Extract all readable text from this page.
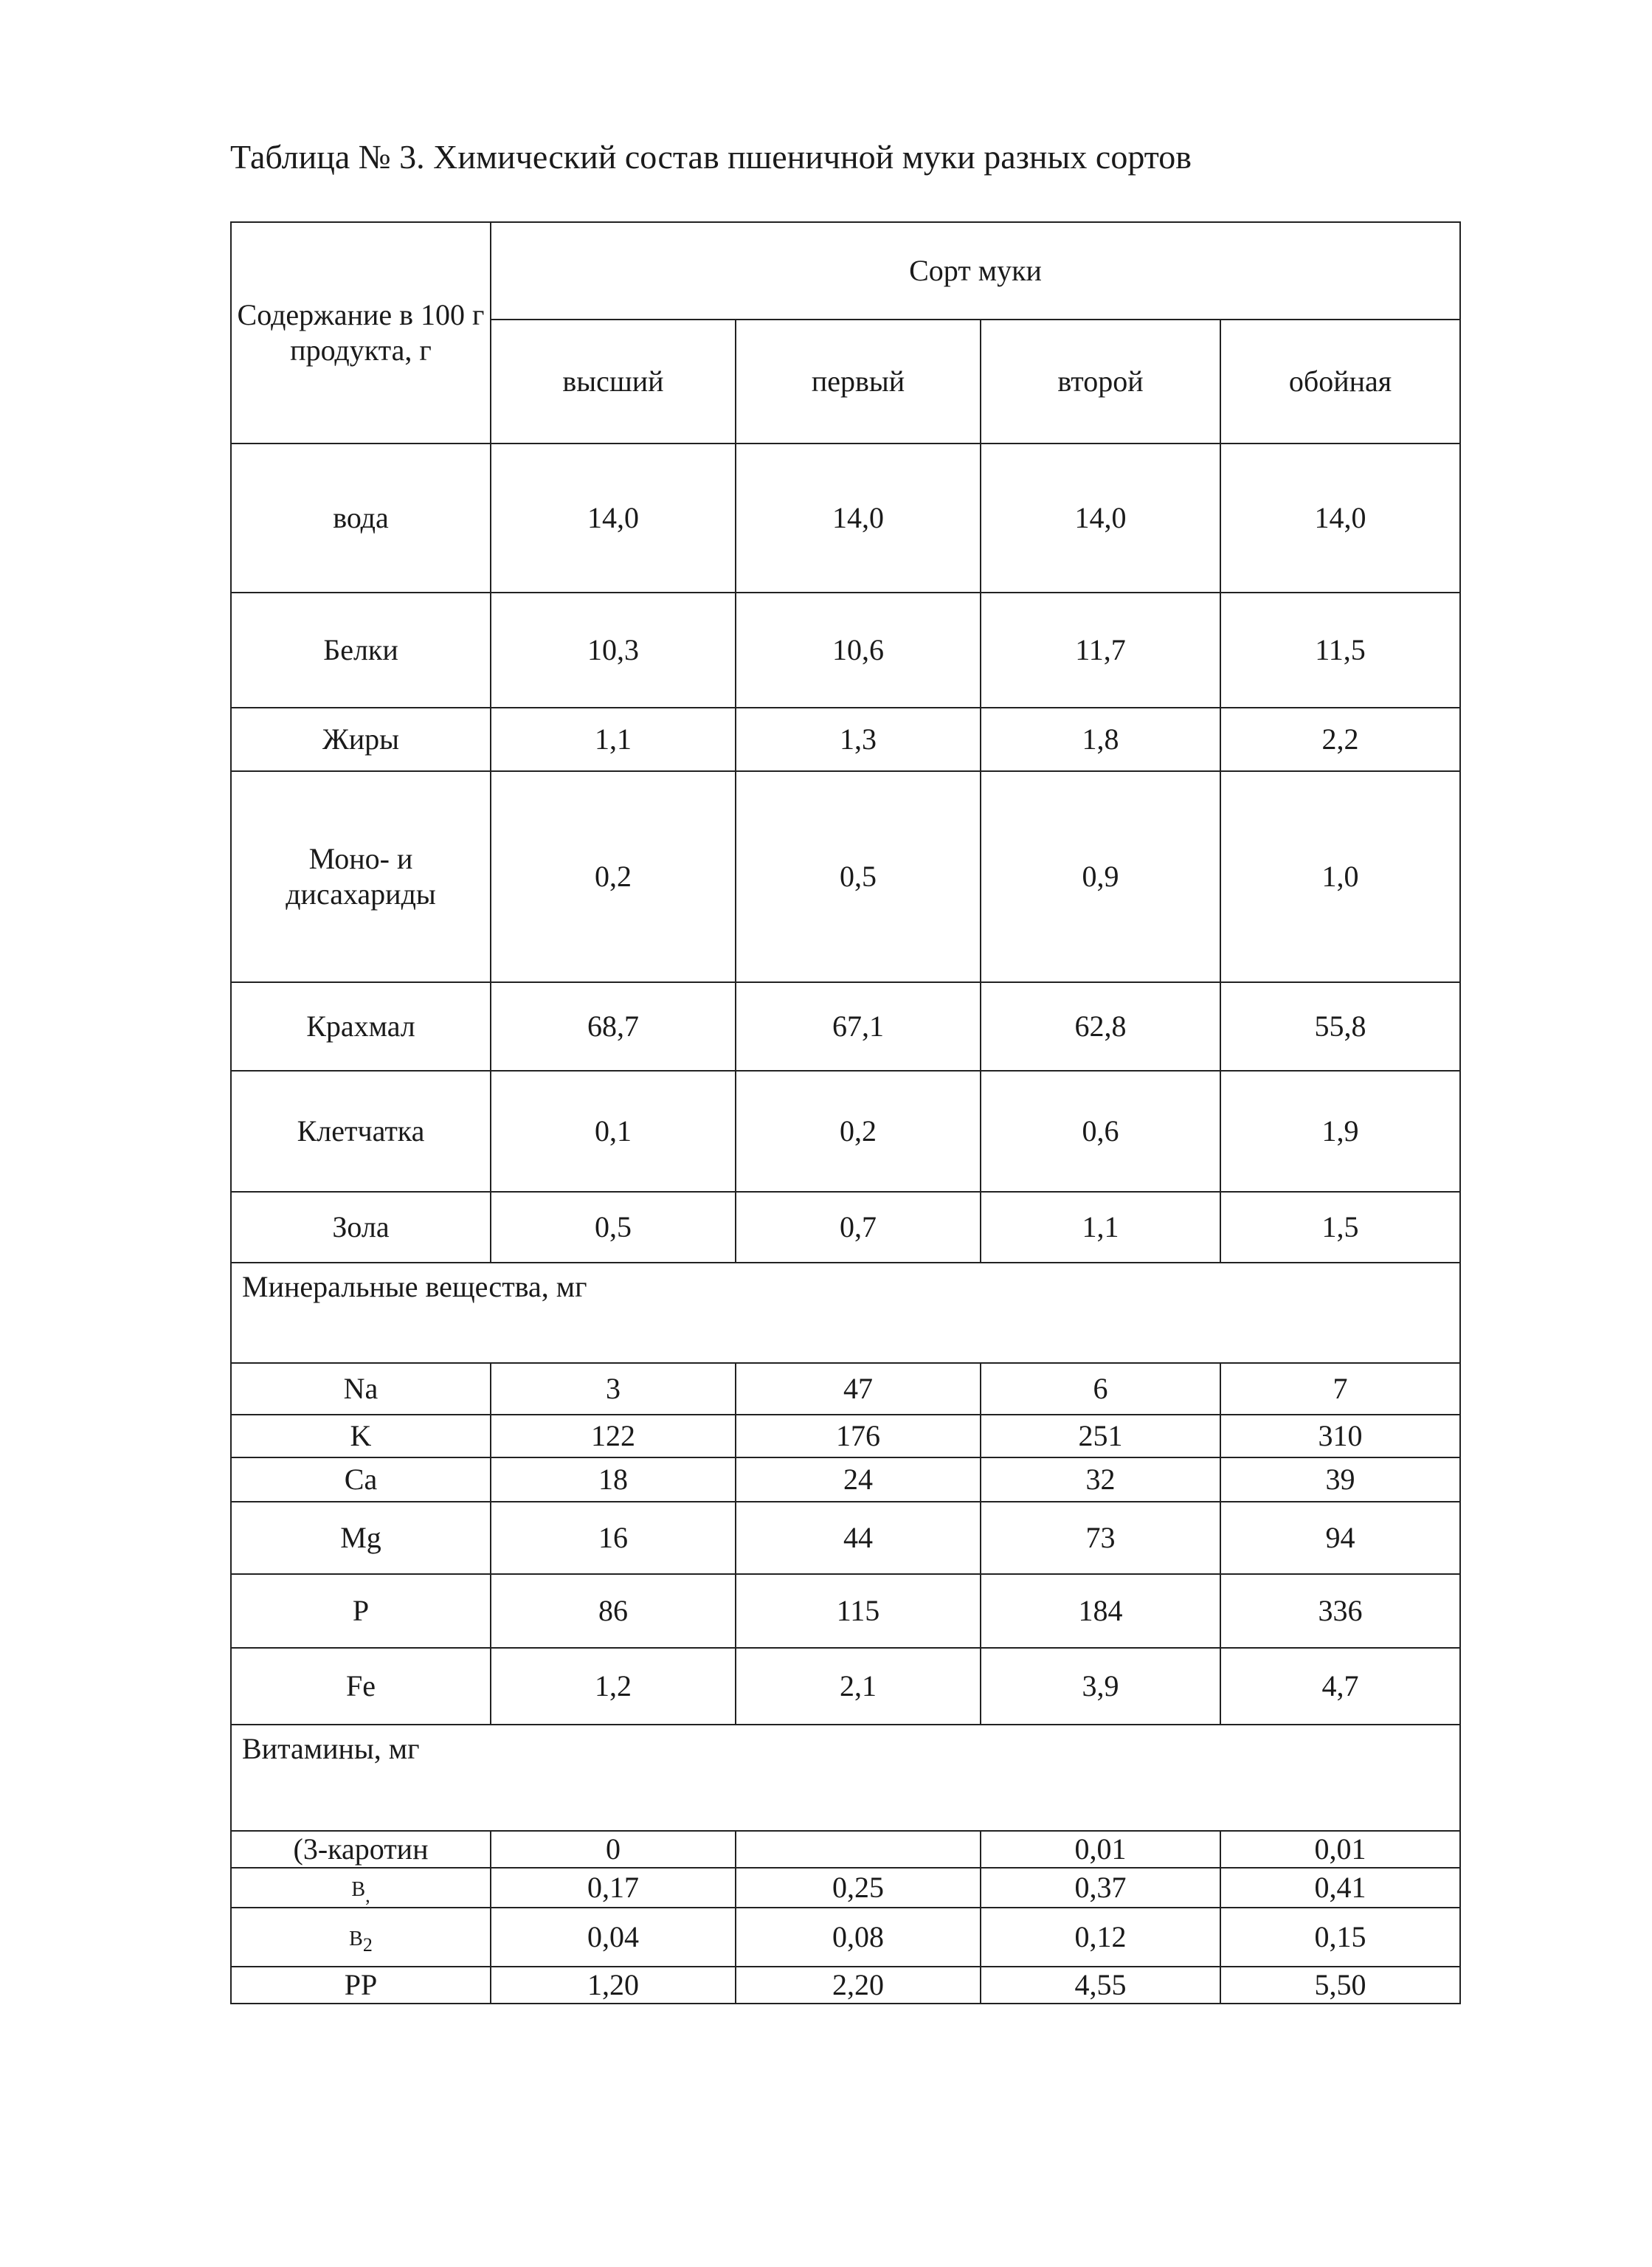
Таблица № 3. Химический состав пшеничной муки разных сортов
Содержание в 100 г продукта, г	Сорт муки			
	высший	первый	второй	обойная
вода	14,0	14,0	14,0	14,0
Белки	10,3	10,6	11,7	11,5
Жиры	1,1	1,3	1,8	2,2
Моно- и дисахариды	0,2	0,5	0,9	1,0
Крахмал	68,7	67,1	62,8	55,8
Клетчатка	0,1	0,2	0,6	1,9
Зола	0,5	0,7	1,1	1,5
Минеральные вещества, мг				
Na	3	47	6	7
K	122	176	251	310
Ca	18	24	32	39
Mg	16	44	73	94
P	86	115	184	336
Fe	1,2	2,1	3,9	4,7
Витамины, мг				
(3-каротин	0		0,01	0,01
$B_,$	0,17	0,25	0,37	0,41
$B_2$	0,04	0,08	0,12	0,15
PP	1,20	2,20	4,55	5,50
